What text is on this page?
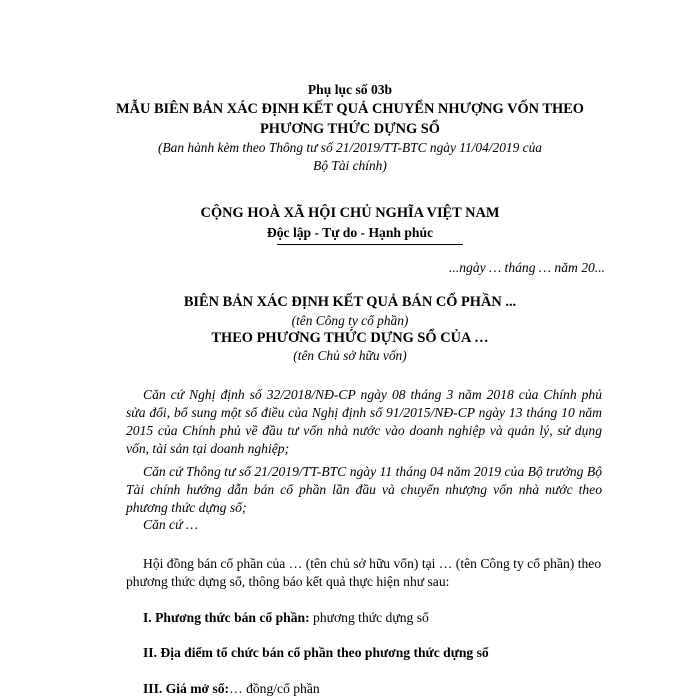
Phụ lục số 03b
MẪU BIÊN BẢN XÁC ĐỊNH KẾT QUẢ CHUYỂN NHƯỢNG VỐN THEO
PHƯƠNG THỨC DỰNG SỔ
(Ban hành kèm theo Thông tư số 21/2019/TT-BTC ngày 11/04/2019 của
Bộ Tài chính)
CỘNG HOÀ XÃ HỘI CHỦ NGHĨA VIỆT NAM
Độc lập - Tự do - Hạnh phúc
...ngày … tháng … năm 20...
BIÊN BẢN XÁC ĐỊNH KẾT QUẢ BÁN CỔ PHẦN ...
(tên Công ty cổ phần)
THEO PHƯƠNG THỨC DỰNG SỔ CỦA …
(tên Chủ sở hữu vốn)
Căn cứ Nghị định số 32/2018/NĐ-CP ngày 08 tháng 3 năm 2018 của Chính phủ sửa đổi, bổ sung một số điều của Nghị định số 91/2015/NĐ-CP ngày 13 tháng 10 năm 2015 của Chính phủ về đầu tư vốn nhà nước vào doanh nghiệp và quản lý, sử dụng vốn, tài sản tại doanh nghiệp;
Căn cứ Thông tư số 21/2019/TT-BTC ngày 11 tháng 04 năm 2019 của Bộ trưởng Bộ Tài chính hướng dẫn bán cổ phần lần đầu và chuyển nhượng vốn nhà nước theo phương thức dựng sổ;
Căn cứ …
Hội đồng bán cổ phần của … (tên chủ sở hữu vốn) tại … (tên Công ty cổ phần) theo
phương thức dựng sổ, thông báo kết quả thực hiện như sau:
I. Phương thức bán cổ phần: phương thức dựng sổ
II. Địa điểm tổ chức bán cổ phần theo phương thức dựng sổ
III. Giá mở sổ:… đồng/cổ phần
